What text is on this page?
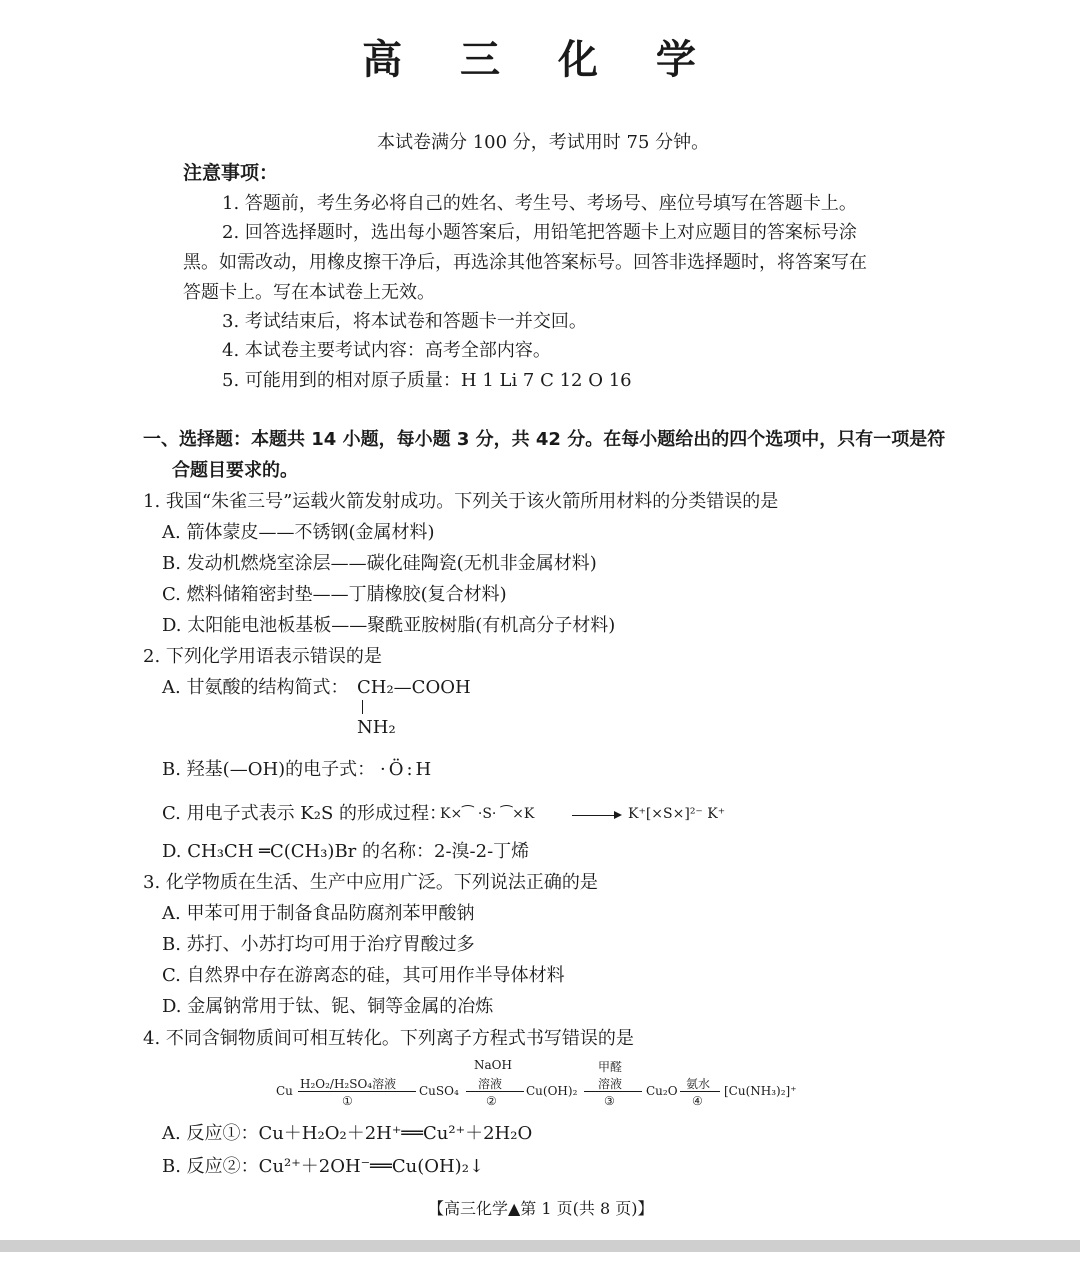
高 三 化 学
本试卷满分 100 分，考试用时 75 分钟。
注意事项：
1. 答题前，考生务必将自己的姓名、考生号、考场号、座位号填写在答题卡上。
2. 回答选择题时，选出每小题答案后，用铅笔把答题卡上对应题目的答案标号涂
黑。如需改动，用橡皮擦干净后，再选涂其他答案标号。回答非选择题时，将答案写在
答题卡上。写在本试卷上无效。
3. 考试结束后，将本试卷和答题卡一并交回。
4. 本试卷主要考试内容：高考全部内容。
5. 可能用到的相对原子质量：H 1 Li 7 C 12 O 16
一、选择题：本题共 14 小题，每小题 3 分，共 42 分。在每小题给出的四个选项中，只有一项是符
合题目要求的。
1. 我国“朱雀三号”运载火箭发射成功。下列关于该火箭所用材料的分类错误的是
A. 箭体蒙皮——不锈钢(金属材料)
B. 发动机燃烧室涂层——碳化硅陶瓷(无机非金属材料)
C. 燃料储箱密封垫——丁腈橡胶(复合材料)
D. 太阳能电池板基板——聚酰亚胺树脂(有机高分子材料)
2. 下列化学用语表示错误的是
A. 甘氨酸的结构简式： CH₂—COOH
NH₂
B. 羟基(—OH)的电子式： ·Ö:H
C. 用电子式表示 K₂S 的形成过程：
K×⁀ ·S· ⁀×K	K⁺[×S×]²⁻ K⁺
D. CH₃CH ═C(CH₃)Br 的名称：2-溴-2-丁烯
3. 化学物质在生活、生产中应用广泛。下列说法正确的是
A. 甲苯可用于制备食品防腐剂苯甲酸钠
B. 苏打、小苏打均可用于治疗胃酸过多
C. 自然界中存在游离态的硅，其可用作半导体材料
D. 金属钠常用于钛、铌、铜等金属的冶炼
4. 不同含铜物质间可相互转化。下列离子方程式书写错误的是
Cu H₂O₂/H₂SO₄溶液
①
CuSO₄
NaOH
溶液
②
Cu(OH)₂
甲醛
溶液
③
Cu₂O 氨水
④
[Cu(NH₃)₂]⁺
A. 反应①：Cu＋H₂O₂＋2H⁺══Cu²⁺＋2H₂O
B. 反应②：Cu²⁺＋2OH⁻══Cu(OH)₂↓
【高三化学▲第 1 页(共 8 页)】
